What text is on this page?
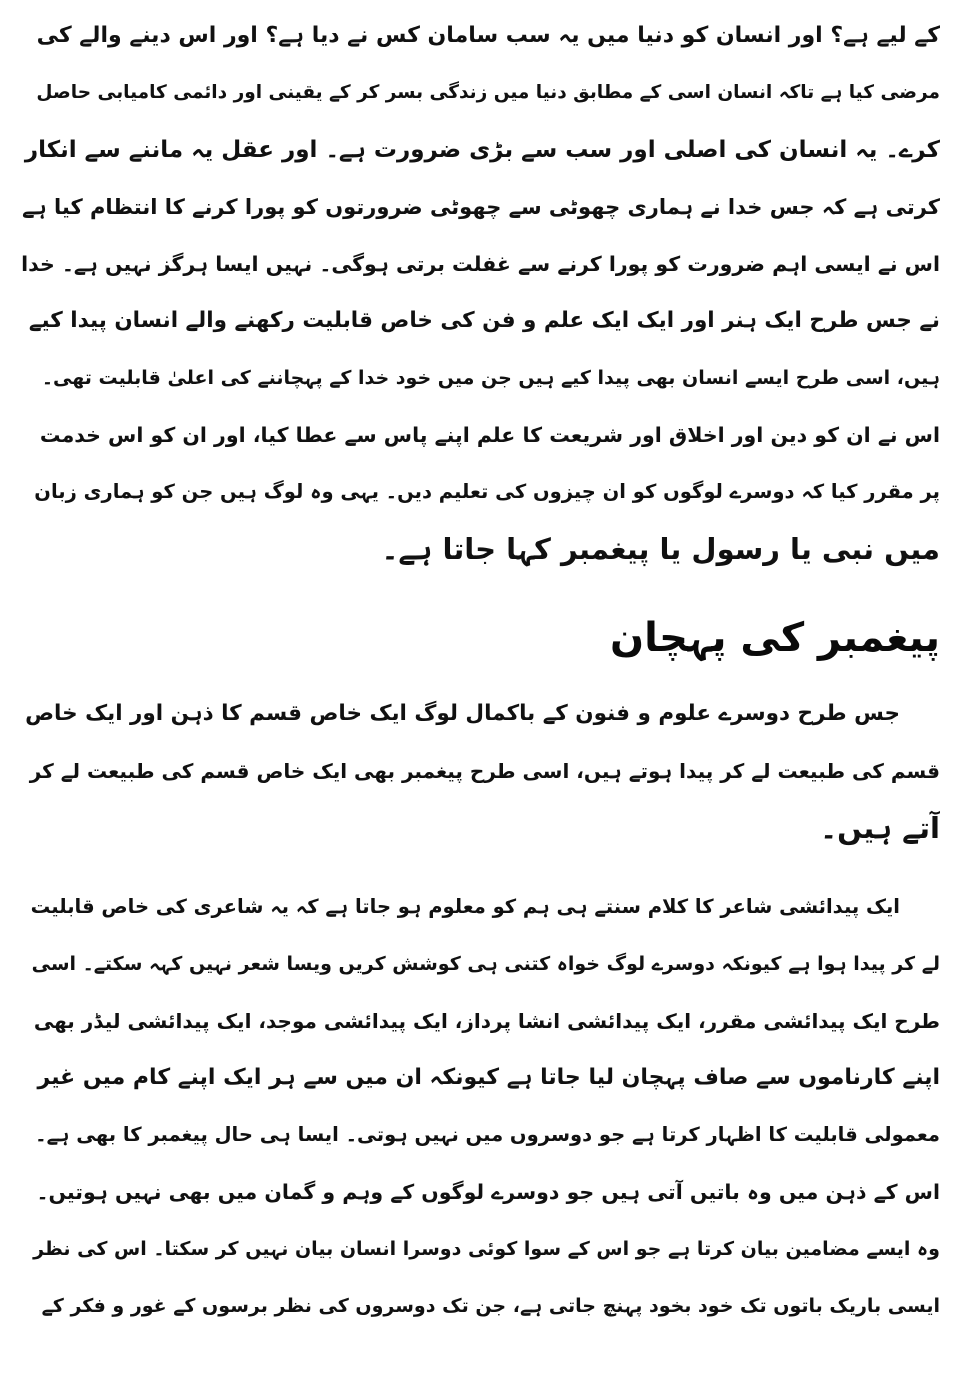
کے لیے ہے؟ اور انسان کو دنیا میں یہ سب سامان کس نے دیا ہے؟ اور اس دینے والے کی
مرضی کیا ہے تاکہ انسان اسی کے مطابق دنیا میں زندگی بسر کر کے یقینی اور دائمی کامیابی حاصل
کرے۔ یہ انسان کی اصلی اور سب سے بڑی ضرورت ہے۔ اور عقل یہ ماننے سے انکار
کرتی ہے کہ جس خدا نے ہماری چھوٹی سے چھوٹی ضرورتوں کو پورا کرنے کا انتظام کیا ہے
اس نے ایسی اہم ضرورت کو پورا کرنے سے غفلت برتی ہوگی۔ نہیں ایسا ہرگز نہیں ہے۔ خدا
نے جس طرح ایک ہنر اور ایک ایک علم و فن کی خاص قابلیت رکھنے والے انسان پیدا کیے
ہیں، اسی طرح ایسے انسان بھی پیدا کیے ہیں جن میں خود خدا کے پہچاننے کی اعلیٰ قابلیت تھی۔
اس نے ان کو دین اور اخلاق اور شریعت کا علم اپنے پاس سے عطا کیا، اور ان کو اس خدمت
پر مقرر کیا کہ دوسرے لوگوں کو ان چیزوں کی تعلیم دیں۔ یہی وہ لوگ ہیں جن کو ہماری زبان
میں نبی یا رسول یا پیغمبر کہا جاتا ہے۔
پیغمبر کی پہچان
جس طرح دوسرے علوم و فنون کے باکمال لوگ ایک خاص قسم کا ذہن اور ایک خاص
قسم کی طبیعت لے کر پیدا ہوتے ہیں، اسی طرح پیغمبر بھی ایک خاص قسم کی طبیعت لے کر
آتے ہیں۔
ایک پیدائشی شاعر کا کلام سنتے ہی ہم کو معلوم ہو جاتا ہے کہ یہ شاعری کی خاص قابلیت
لے کر پیدا ہوا ہے کیونکہ دوسرے لوگ خواہ کتنی ہی کوشش کریں ویسا شعر نہیں کہہ سکتے۔ اسی
طرح ایک پیدائشی مقرر، ایک پیدائشی انشا پرداز، ایک پیدائشی موجد، ایک پیدائشی لیڈر بھی
اپنے کارناموں سے صاف پہچان لیا جاتا ہے کیونکہ ان میں سے ہر ایک اپنے کام میں غیر
معمولی قابلیت کا اظہار کرتا ہے جو دوسروں میں نہیں ہوتی۔ ایسا ہی حال پیغمبر کا بھی ہے۔
اس کے ذہن میں وہ باتیں آتی ہیں جو دوسرے لوگوں کے وہم و گمان میں بھی نہیں ہوتیں۔
وہ ایسے مضامین بیان کرتا ہے جو اس کے سوا کوئی دوسرا انسان بیان نہیں کر سکتا۔ اس کی نظر
ایسی باریک باتوں تک خود بخود پہنچ جاتی ہے، جن تک دوسروں کی نظر برسوں کے غور و فکر کے
